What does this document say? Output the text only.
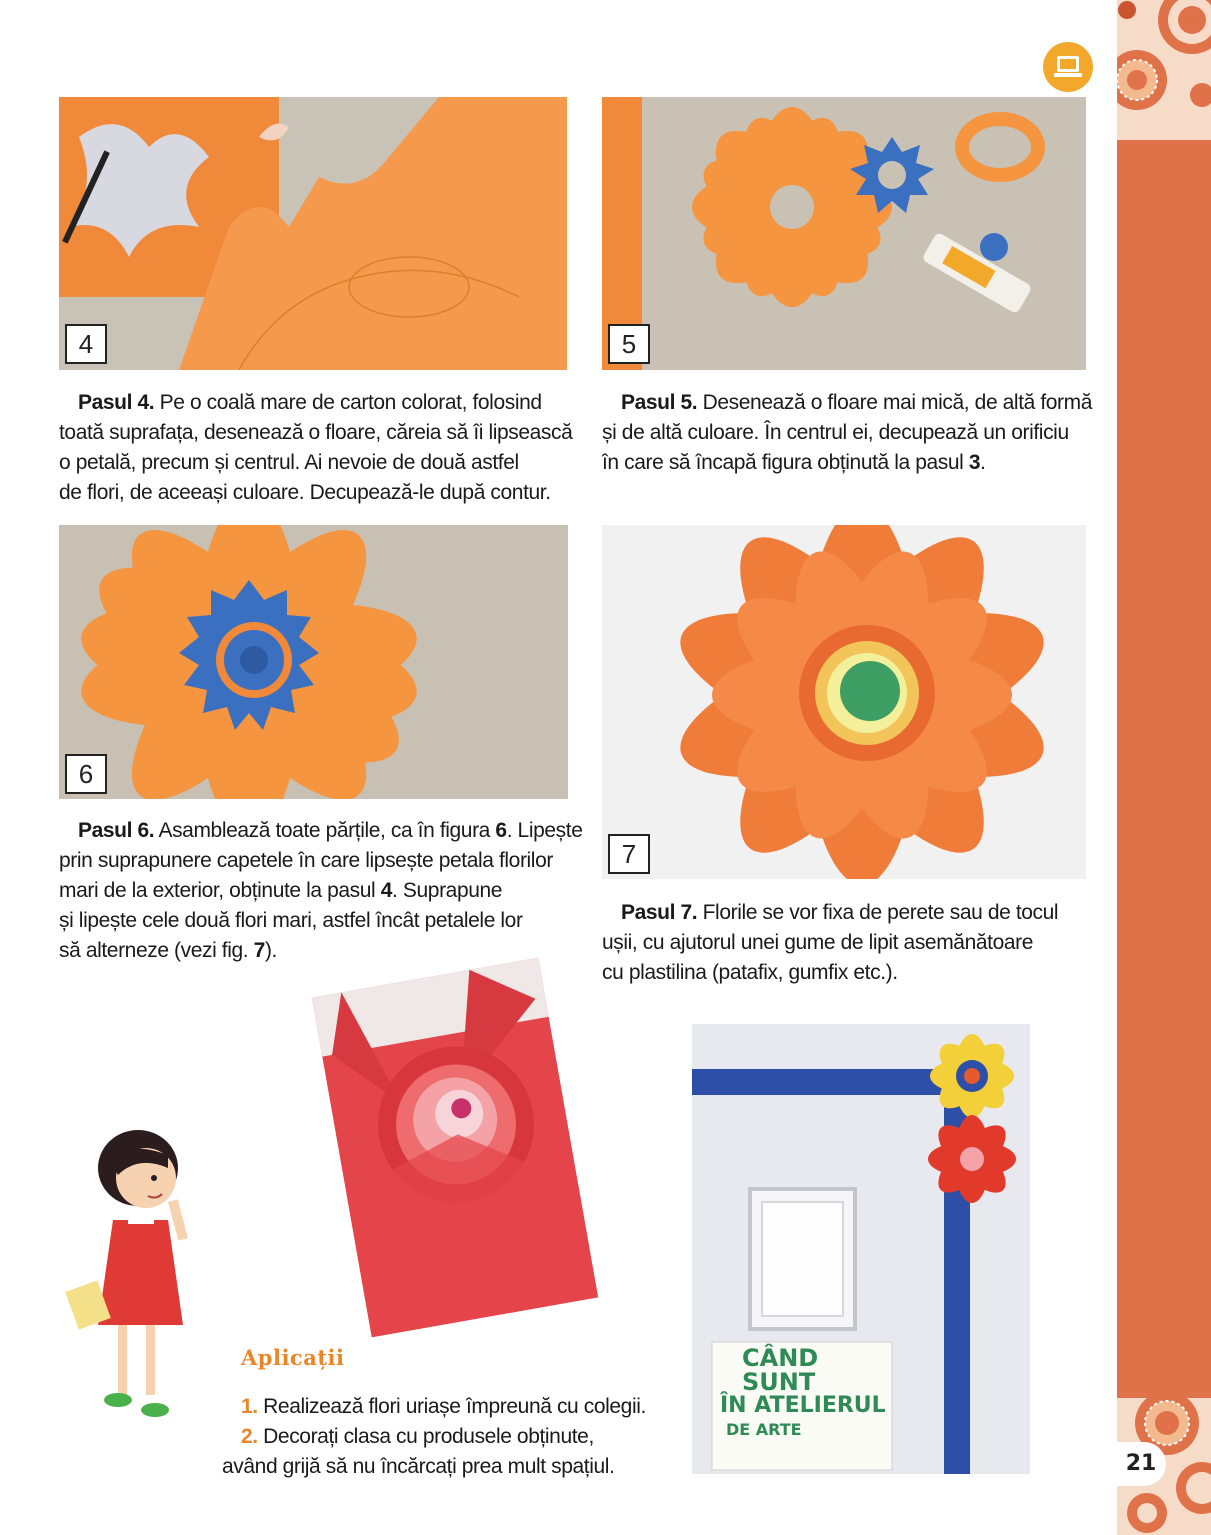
4	5
Pasul 4. Pe o coală mare de carton colorat, folosind
toată suprafața, desenează o floare, căreia să îi lipsească
o petală, precum și centrul. Ai nevoie de două astfel
de flori, de aceeași culoare. Decupează-le după contur.
Pasul 5. Desenează o floare mai mică, de altă formă
și de altă culoare. În centrul ei, decupează un orificiu
în care să încapă figura obținută la pasul 3.
6
7
Pasul 6. Asamblează toate părțile, ca în figura 6. Lipește
prin suprapunere capetele în care lipsește petala florilor
mari de la exterior, obținute la pasul 4. Suprapune
și lipește cele două flori mari, astfel încât petalele lor
să alterneze (vezi fig. 7).
Pasul 7. Florile se vor fixa de perete sau de tocul
ușii, cu ajutorul unei gume de lipit asemănătoare
cu plastilina (patafix, gumfix etc.).
CÂND SUNT
ÎN ATELIERUL
DE ARTE
Aplicații
1. Realizează flori uriașe împreună cu colegii.
2. Decorați clasa cu produsele obținute,
având grijă să nu încărcați prea mult spațiul.	21
